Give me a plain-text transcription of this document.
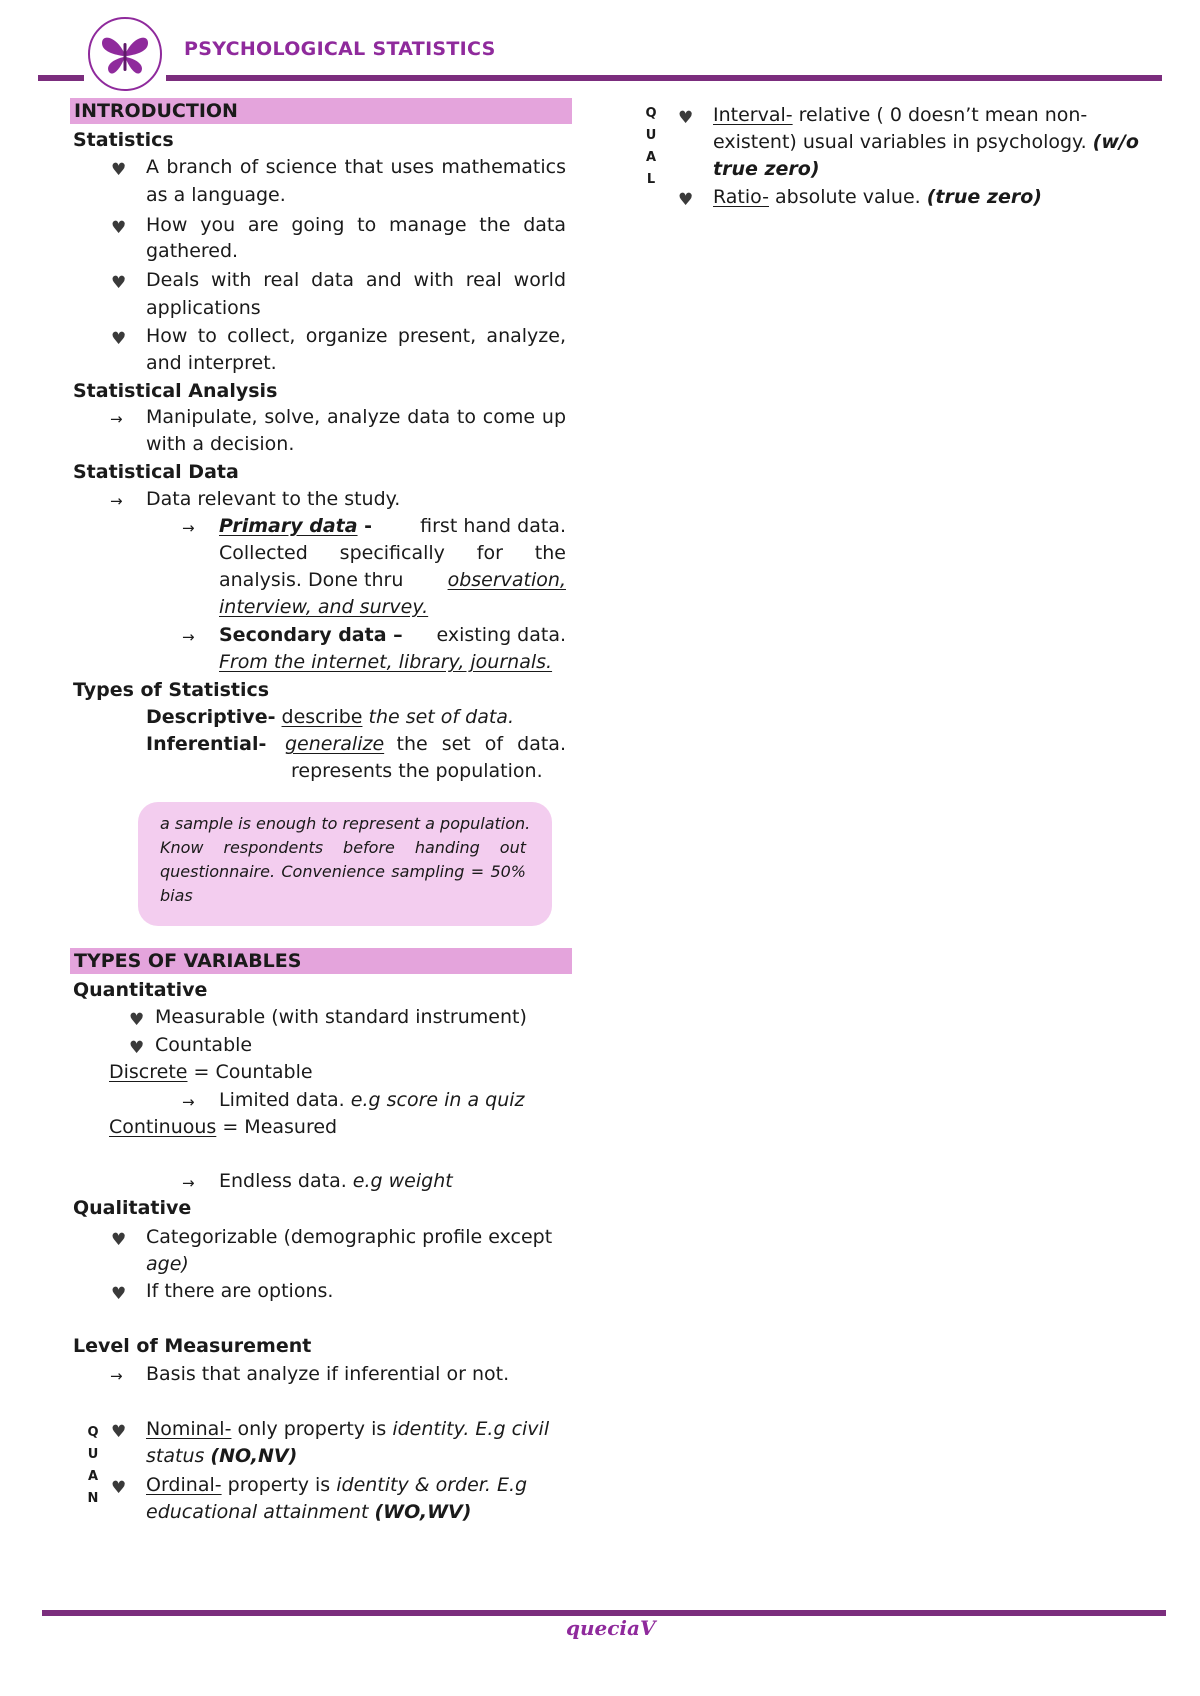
PSYCHOLOGICAL STATISTICS
INTRODUCTION
Statistics
♥ A branch of science that uses mathematics
as a language.
♥ How you are going to manage the data
gathered.
♥ Deals with real data and with real world
applications
♥ How to collect, organize present, analyze,
and interpret.
Statistical Analysis
→ Manipulate, solve, analyze data to come up
with a decision.
Statistical Data
→ Data relevant to the study.
→ Primary data - first hand data.
Collected specifically for the
analysis. Done thru observation,
interview, and survey.
→ Secondary data – existing data.
From the internet, library, journals.
Types of Statistics
Descriptive- describe the set of data.
Inferential- generalize the set of data.
represents the population.
a sample is enough to represent a population.
Know respondents before handing out
questionnaire. Convenience sampling = 50%
bias
TYPES OF VARIABLES
Quantitative
♥ Measurable (with standard instrument)
♥ Countable
Discrete = Countable
→ Limited data. e.g score in a quiz
Continuous = Measured
→ Endless data. e.g weight
Qualitative
♥ Categorizable (demographic profile except
age)
♥ If there are options.
Level of Measurement
→ Basis that analyze if inferential or not.
Q
U
A
N
♥ Nominal- only property is identity. E.g civil
status (NO,NV)
♥ Ordinal- property is identity & order. E.g
educational attainment (WO,WV)
Q
U
A
L
♥ Interval- relative ( 0 doesn’t mean non-
existent) usual variables in psychology. (w/o
true zero)
♥ Ratio- absolute value. (true zero)
queciaV
